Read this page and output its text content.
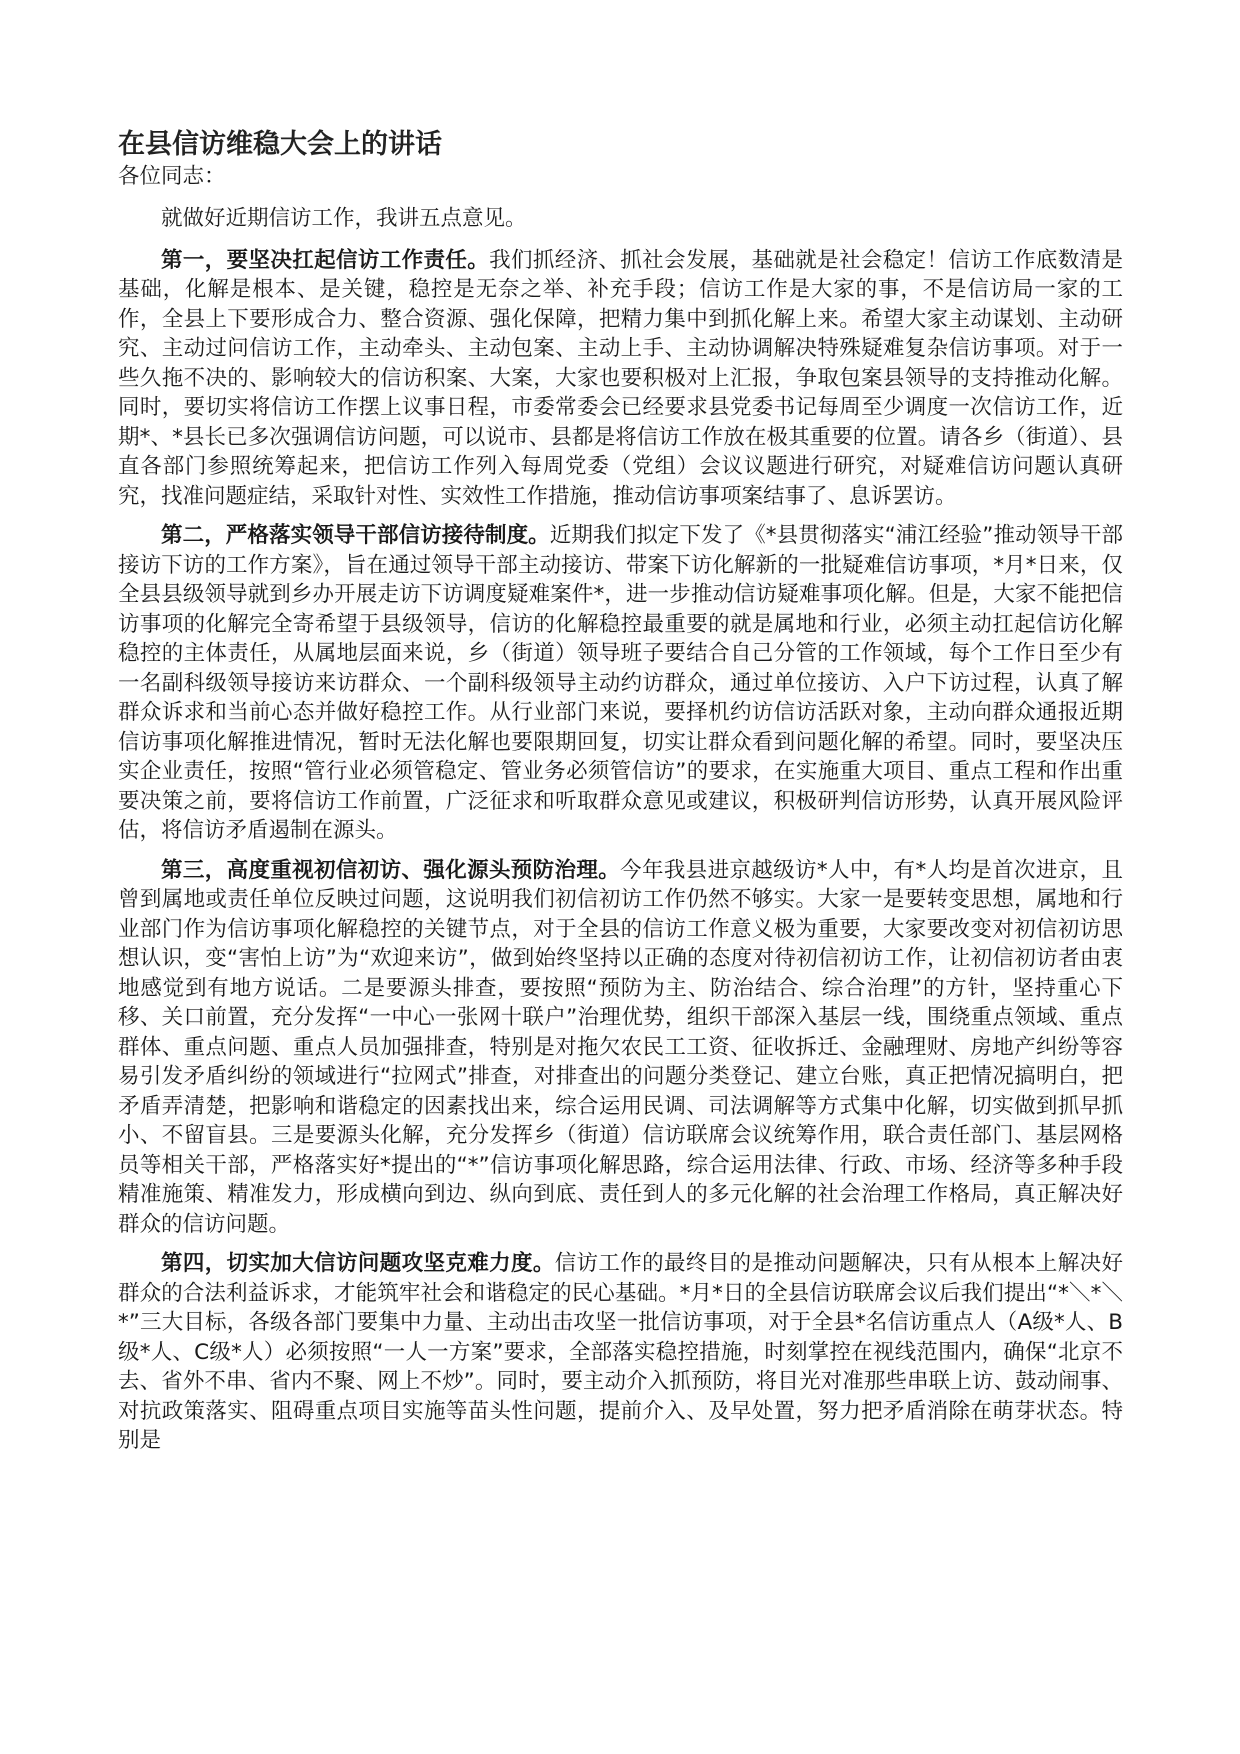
在县信访维稳大会上的讲话

各位同志：

就做好近期信访工作，我讲五点意见。

第一，要坚决扛起信访工作责任。我们抓经济、抓社会发展，基础就是社会稳定！信访工作底数清是基础，化解是根本、是关键，稳控是无奈之举、补充手段；信访工作是大家的事，不是信访局一家的工作，全县上下要形成合力、整合资源、强化保障，把精力集中到抓化解上来。希望大家主动谋划、主动研究、主动过问信访工作，主动牵头、主动包案、主动上手、主动协调解决特殊疑难复杂信访事项。对于一些久拖不决的、影响较大的信访积案、大案，大家也要积极对上汇报，争取包案县领导的支持推动化解。同时，要切实将信访工作摆上议事日程，市委常委会已经要求县党委书记每周至少调度一次信访工作，近期*、*县长已多次强调信访问题，可以说市、县都是将信访工作放在极其重要的位置。请各乡（街道）、县直各部门参照统筹起来，把信访工作列入每周党委（党组）会议议题进行研究，对疑难信访问题认真研究，找准问题症结，采取针对性、实效性工作措施，推动信访事项案结事了、息诉罢访。

第二，严格落实领导干部信访接待制度。近期我们拟定下发了《*县贯彻落实“浦江经验”推动领导干部接访下访的工作方案》，旨在通过领导干部主动接访、带案下访化解新的一批疑难信访事项，*月*日来，仅全县县级领导就到乡办开展走访下访调度疑难案件*，进一步推动信访疑难事项化解。但是，大家不能把信访事项的化解完全寄希望于县级领导，信访的化解稳控最重要的就是属地和行业，必须主动扛起信访化解稳控的主体责任，从属地层面来说，乡（街道）领导班子要结合自己分管的工作领域，每个工作日至少有一名副科级领导接访来访群众、一个副科级领导主动约访群众，通过单位接访、入户下访过程，认真了解群众诉求和当前心态并做好稳控工作。从行业部门来说，要择机约访信访活跃对象，主动向群众通报近期信访事项化解推进情况，暂时无法化解也要限期回复，切实让群众看到问题化解的希望。同时，要坚决压实企业责任，按照“管行业必须管稳定、管业务必须管信访”的要求，在实施重大项目、重点工程和作出重要决策之前，要将信访工作前置，广泛征求和听取群众意见或建议，积极研判信访形势，认真开展风险评估，将信访矛盾遏制在源头。

第三，高度重视初信初访、强化源头预防治理。今年我县进京越级访*人中，有*人均是首次进京，且曾到属地或责任单位反映过问题，这说明我们初信初访工作仍然不够实。大家一是要转变思想，属地和行业部门作为信访事项化解稳控的关键节点，对于全县的信访工作意义极为重要，大家要改变对初信初访思想认识，变“害怕上访”为“欢迎来访”，做到始终坚持以正确的态度对待初信初访工作，让初信初访者由衷地感觉到有地方说话。二是要源头排查，要按照“预防为主、防治结合、综合治理”的方针，坚持重心下移、关口前置，充分发挥“一中心一张网十联户”治理优势，组织干部深入基层一线，围绕重点领域、重点群体、重点问题、重点人员加强排查，特别是对拖欠农民工工资、征收拆迁、金融理财、房地产纠纷等容易引发矛盾纠纷的领域进行“拉网式”排查，对排查出的问题分类登记、建立台账，真正把情况搞明白，把矛盾弄清楚，把影响和谐稳定的因素找出来，综合运用民调、司法调解等方式集中化解，切实做到抓早抓小、不留盲县。三是要源头化解，充分发挥乡（街道）信访联席会议统筹作用，联合责任部门、基层网格员等相关干部，严格落实好*提出的“*”信访事项化解思路，综合运用法律、行政、市场、经济等多种手段精准施策、精准发力，形成横向到边、纵向到底、责任到人的多元化解的社会治理工作格局，真正解决好群众的信访问题。

第四，切实加大信访问题攻坚克难力度。信访工作的最终目的是推动问题解决，只有从根本上解决好群众的合法利益诉求，才能筑牢社会和谐稳定的民心基础。*月*日的全县信访联席会议后我们提出“*＼*＼*”三大目标，各级各部门要集中力量、主动出击攻坚一批信访事项，对于全县*名信访重点人（A级*人、B级*人、C级*人）必须按照“一人一方案”要求，全部落实稳控措施，时刻掌控在视线范围内，确保“北京不去、省外不串、省内不聚、网上不炒”。同时，要主动介入抓预防，将目光对准那些串联上访、鼓动闹事、对抗政策落实、阻碍重点项目实施等苗头性问题，提前介入、及早处置，努力把矛盾消除在萌芽状态。特别是
